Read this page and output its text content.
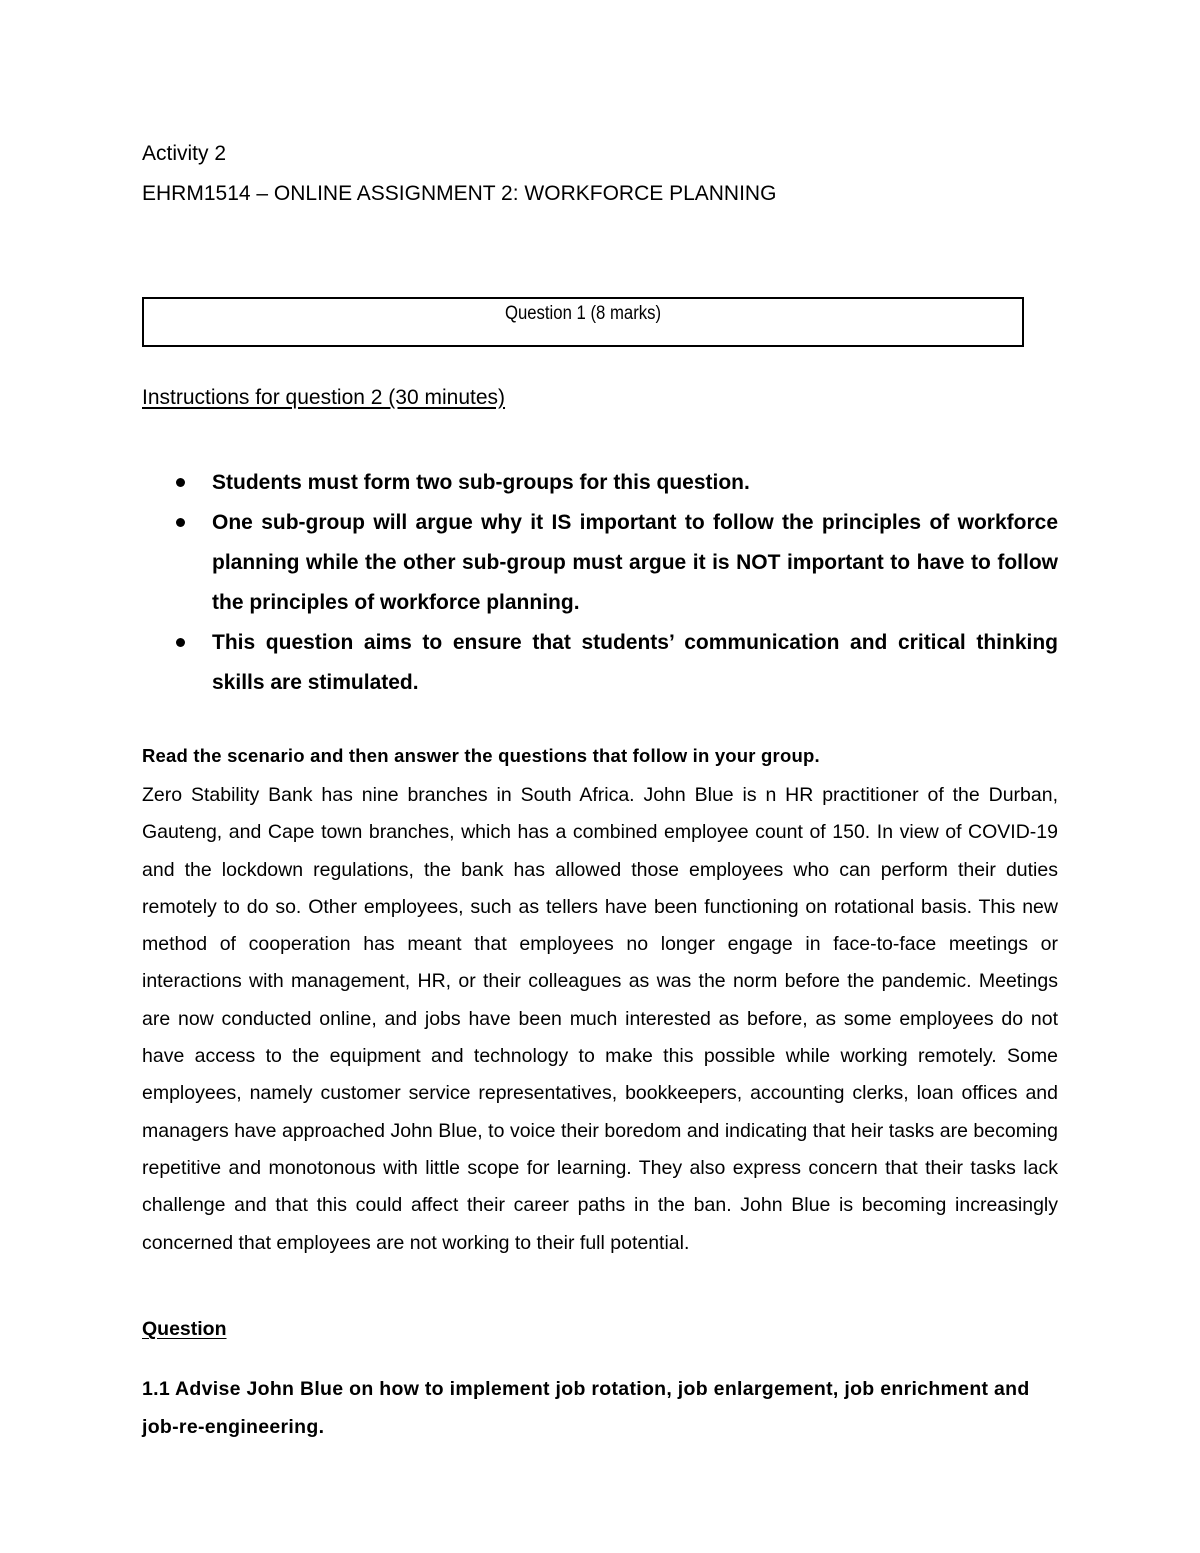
Activity 2
EHRM1514 – ONLINE ASSIGNMENT 2: WORKFORCE PLANNING
Question 1 (8 marks)
Instructions for question 2 (30 minutes)
Students must form two sub-groups for this question.
One sub-group will argue why it IS important to follow the principles of workforce planning while the other sub-group must argue it is NOT important to have to follow the principles of workforce planning.
This question aims to ensure that students’ communication and critical thinking skills are stimulated.
Read the scenario and then answer the questions that follow in your group.

Zero Stability Bank has nine branches in South Africa. John Blue is n HR practitioner of the Durban, Gauteng, and Cape town branches, which has a combined employee count of 150. In view of COVID-19 and the lockdown regulations, the bank has allowed those employees who can perform their duties remotely to do so. Other employees, such as tellers have been functioning on rotational basis. This new method of cooperation has meant that employees no longer engage in face-to-face meetings or interactions with management, HR, or their colleagues as was the norm before the pandemic. Meetings are now conducted online, and jobs have been much interested as before, as some employees do not have access to the equipment and technology to make this possible while working remotely. Some employees, namely customer service representatives, bookkeepers, accounting clerks, loan offices and managers have approached John Blue, to voice their boredom and indicating that heir tasks are becoming repetitive and monotonous with little scope for learning. They also express concern that their tasks lack challenge and that this could affect their career paths in the ban. John Blue is becoming increasingly concerned that employees are not working to their full potential.

Question

1.1 Advise John Blue on how to implement job rotation, job enlargement, job enrichment and job-re-engineering.
